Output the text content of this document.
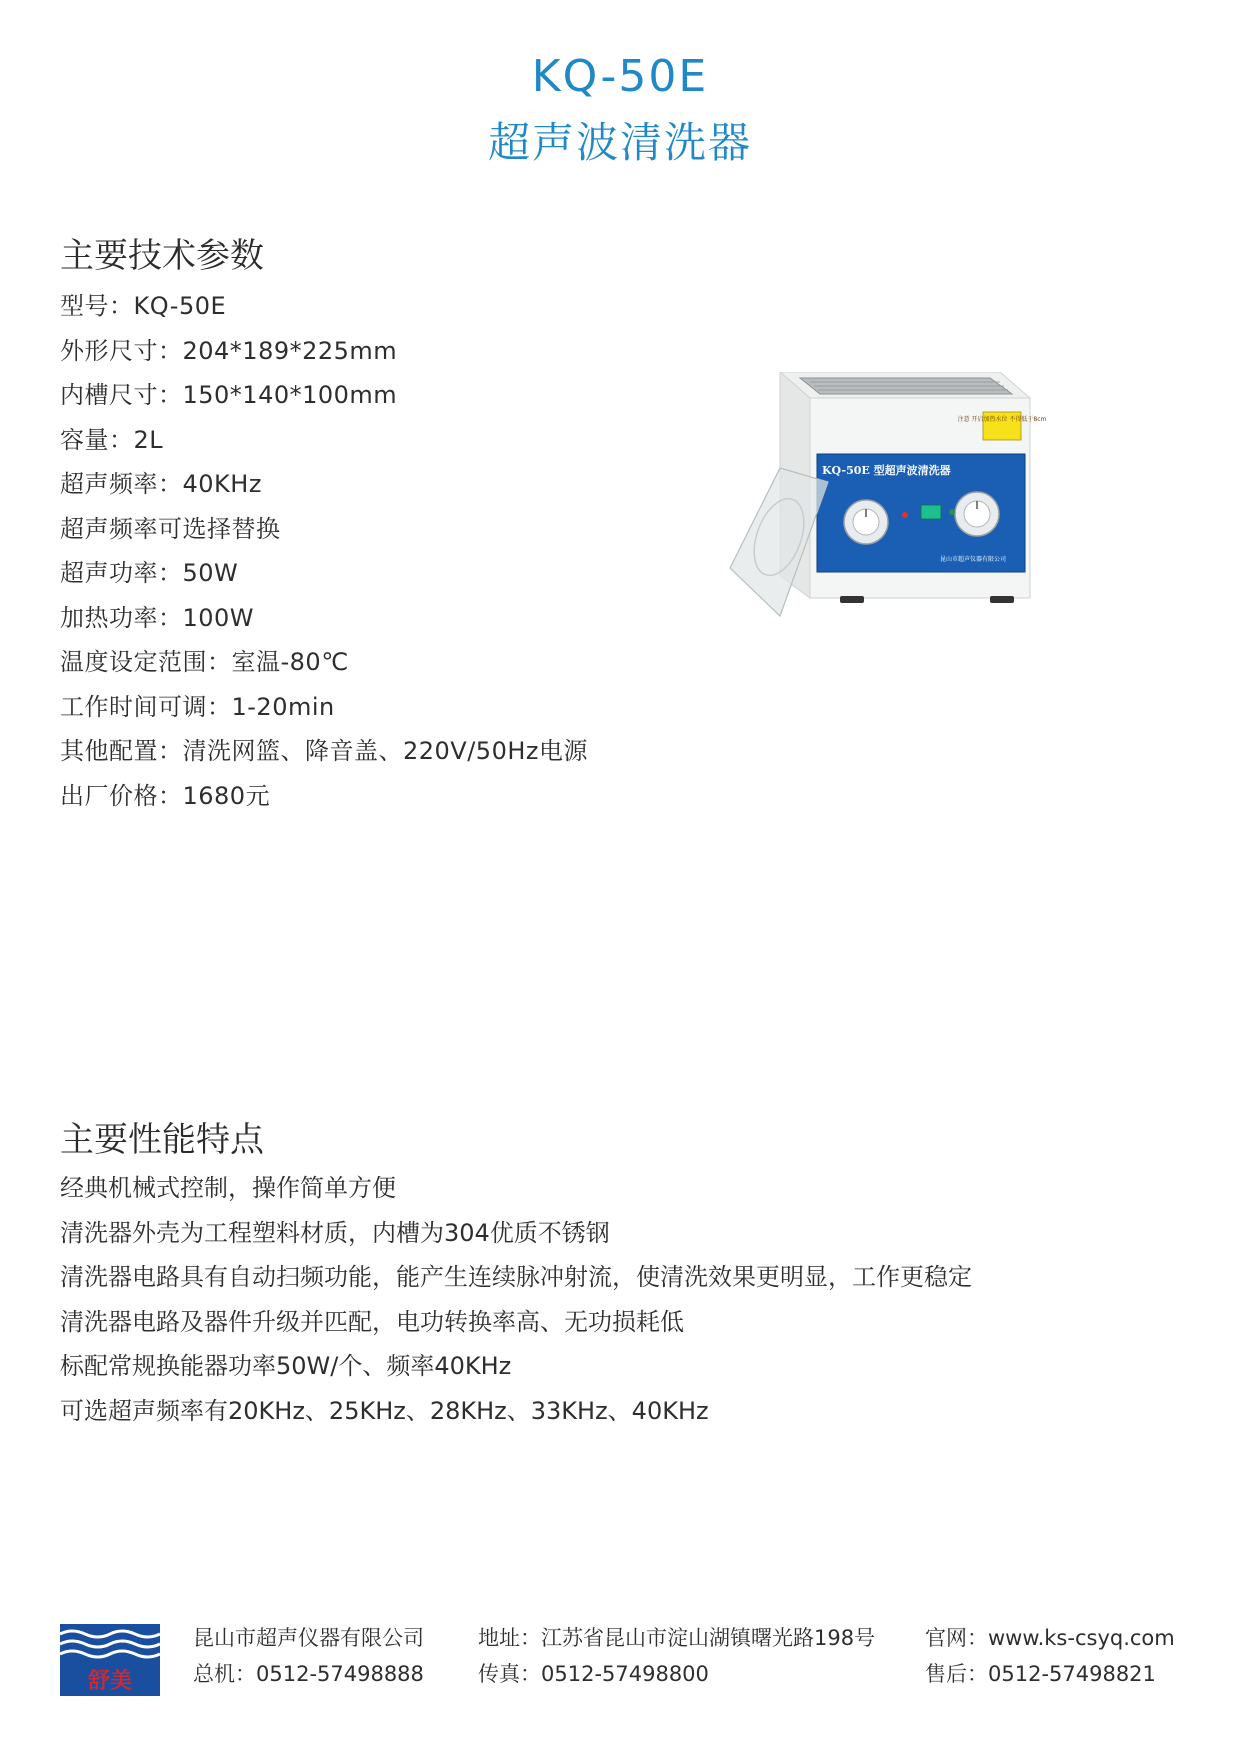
KQ-50E
超声波清洗器
主要技术参数
型号：KQ-50E
外形尺寸：204*189*225mm
内槽尺寸：150*140*100mm
容量：2L
超声频率：40KHz
超声频率可选择替换
超声功率：50W
加热功率：100W
温度设定范围：室温-80℃
工作时间可调：1-20min
其他配置：清洗网篮、降音盖、220V/50Hz电源
出厂价格：1680元
注意 开启加热水位 不得低于8cm
KQ-50E 型超声波清洗器
昆山市超声仪器有限公司
主要性能特点
经典机械式控制，操作简单方便
清洗器外壳为工程塑料材质，内槽为304优质不锈钢
清洗器电路具有自动扫频功能，能产生连续脉冲射流，使清洗效果更明显，工作更稳定
清洗器电路及器件升级并匹配，电功转换率高、无功损耗低
标配常规换能器功率50W/个、频率40KHz
可选超声频率有20KHz、25KHz、28KHz、33KHz、40KHz
舒美
昆山市超声仪器有限公司
总机：0512-57498888
地址：江苏省昆山市淀山湖镇曙光路198号
传真：0512-57498800
官网：www.ks-csyq.com
售后：0512-57498821
